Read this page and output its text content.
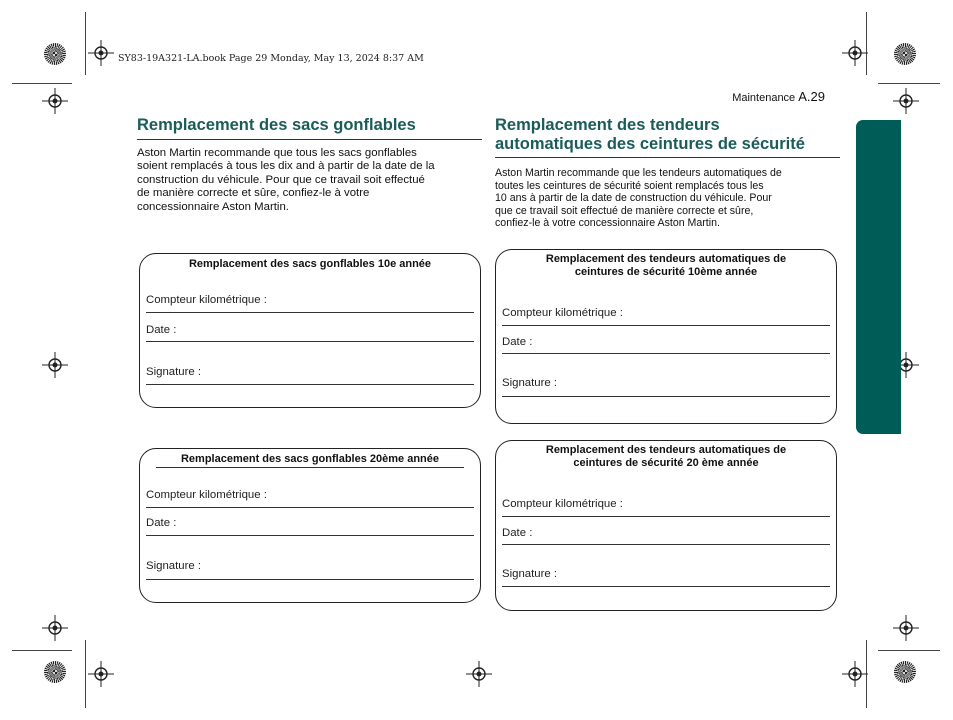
SY83-19A321-LA.book Page 29 Monday, May 13, 2024 8:37 AM
Maintenance A.29
Remplacement des sacs gonflables
Aston Martin recommande que tous les sacs gonflables
soient remplacés à tous les dix and à partir de la date de la
construction du véhicule. Pour que ce travail soit effectué
de manière correcte et sûre, confiez-le à votre
concessionnaire Aston Martin.
Remplacement des sacs gonflables 10e année
Compteur kilométrique :
Date :
Signature :
Remplacement des sacs gonflables 20ème année
Compteur kilométrique :
Date :
Signature :
Remplacement des tendeurs
automatiques des ceintures de sécurité
Aston Martin recommande que les tendeurs automatiques de
toutes les ceintures de sécurité soient remplacés tous les
10 ans à partir de la date de construction du véhicule. Pour
que ce travail soit effectué de manière correcte et sûre,
confiez-le à votre concessionnaire Aston Martin.
Remplacement des tendeurs automatiques de
ceintures de sécurité 10ème année
Compteur kilométrique :
Date :
Signature :
Remplacement des tendeurs automatiques de
ceintures de sécurité 20 ème année
Compteur kilométrique :
Date :
Signature :
